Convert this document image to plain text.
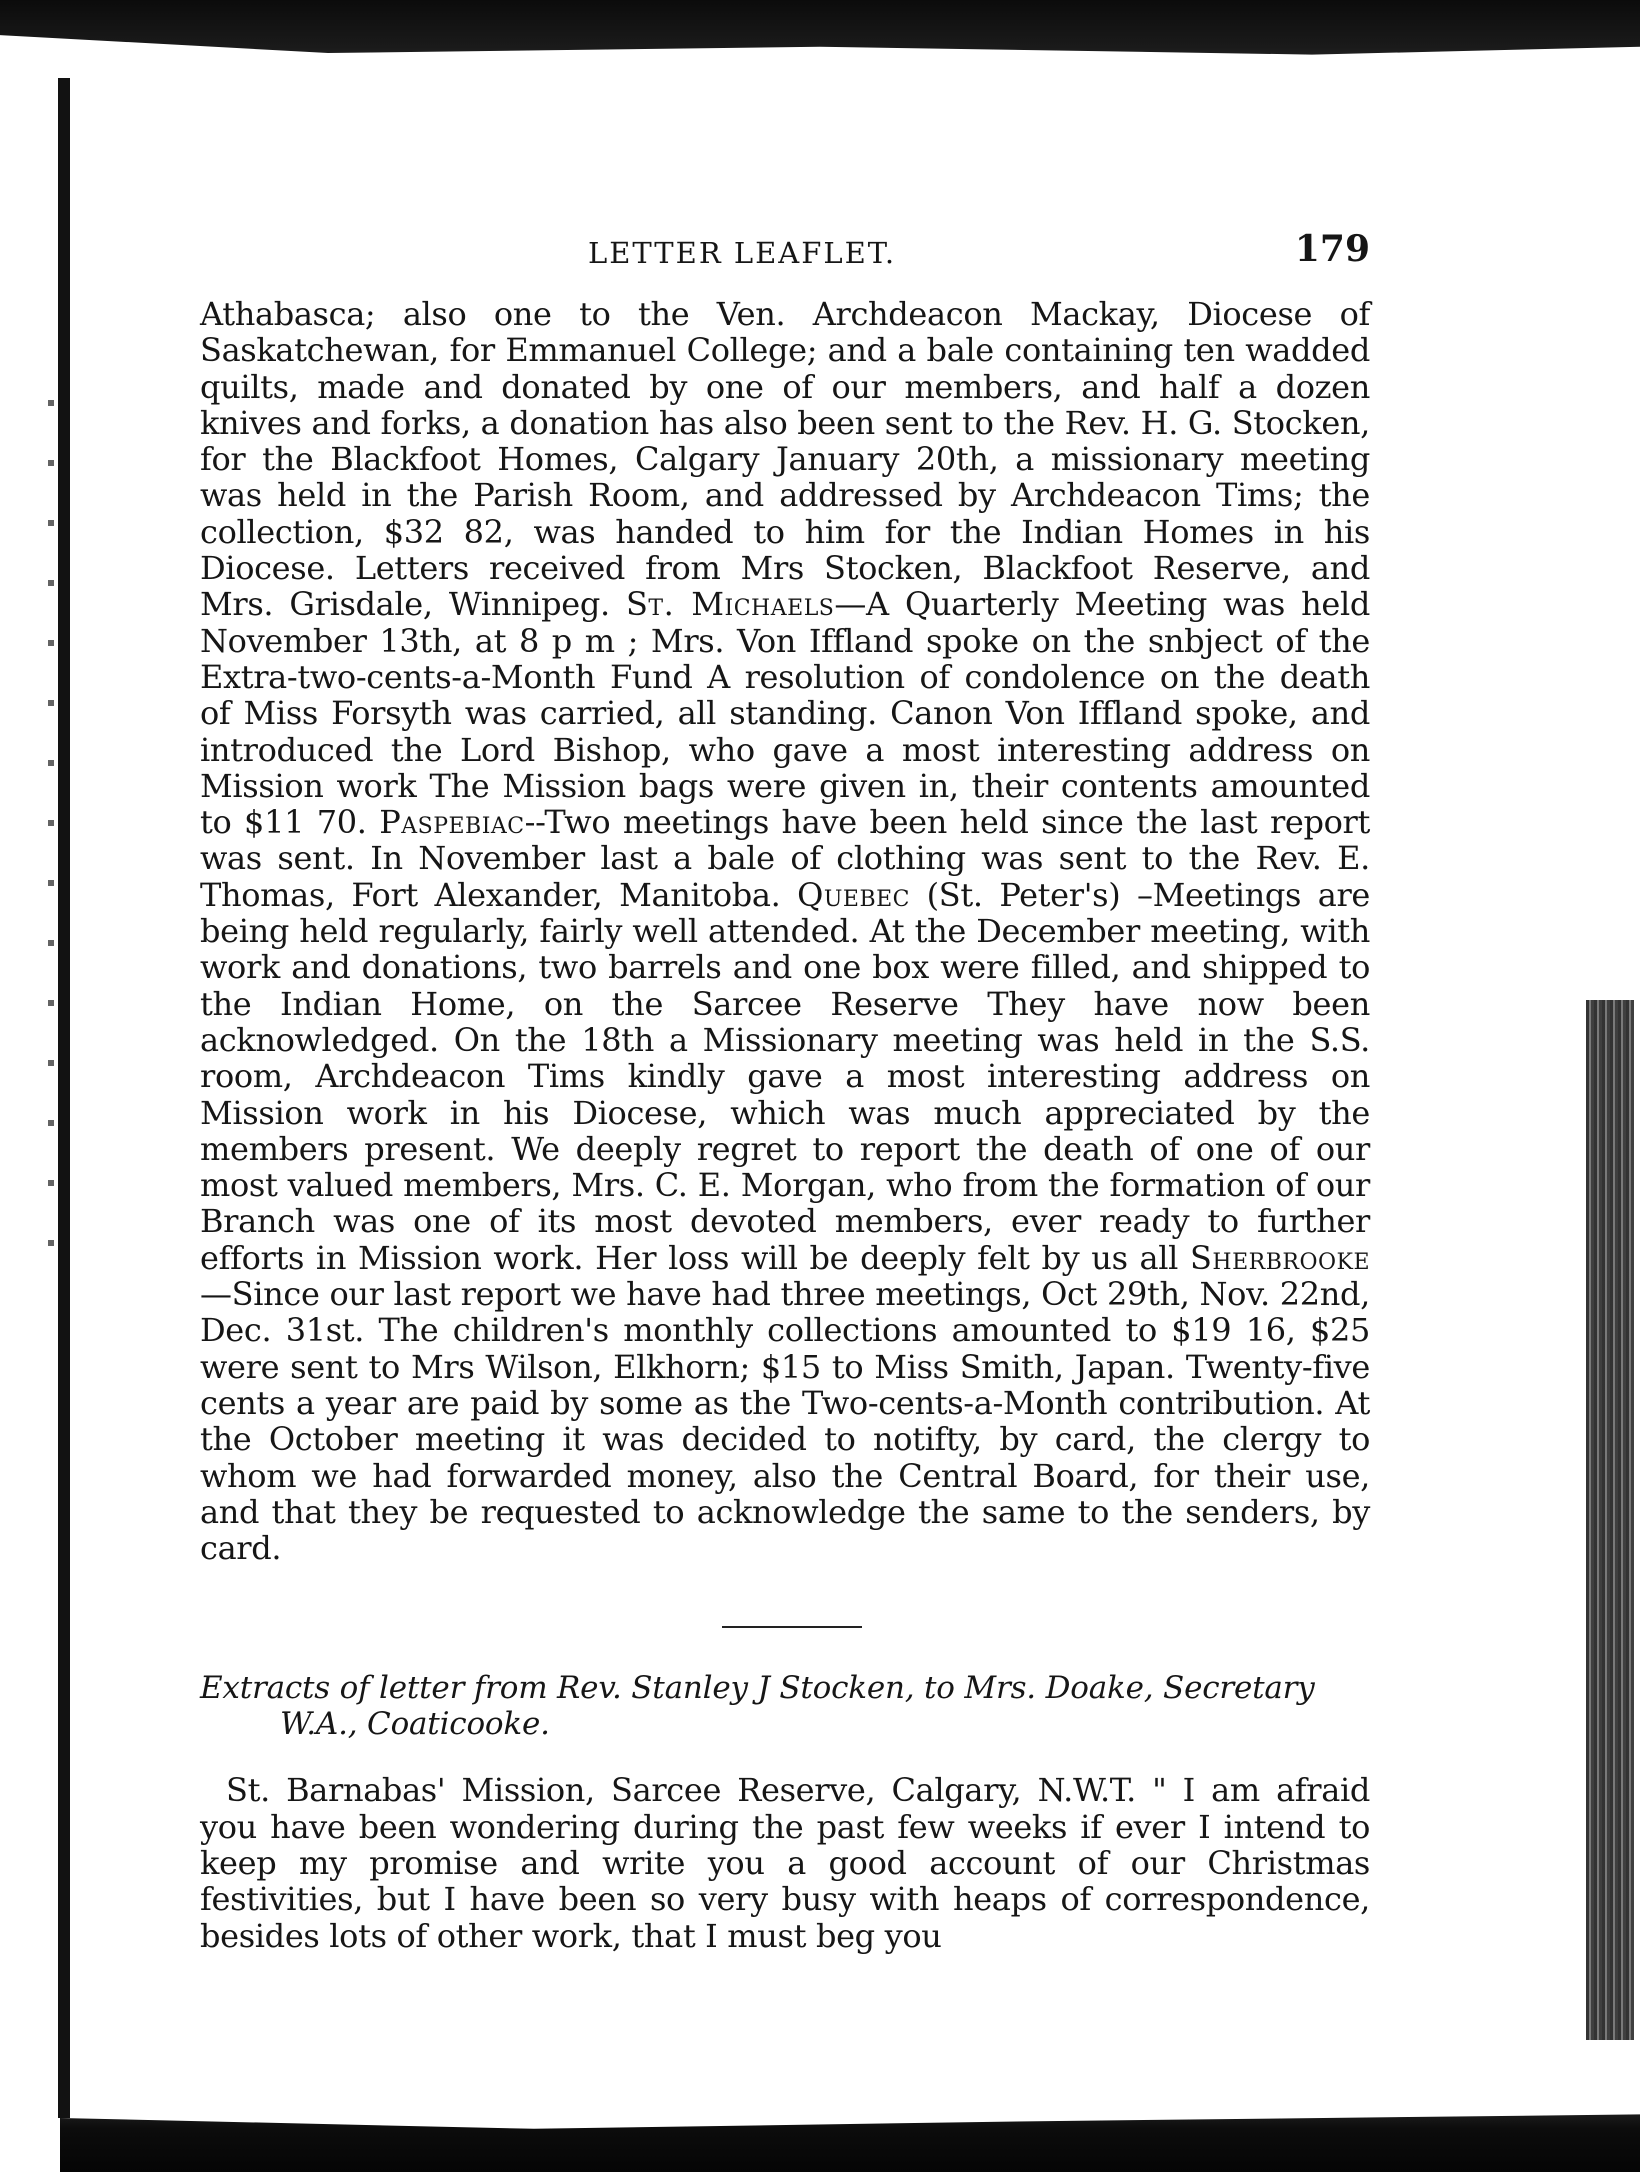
LETTER LEAFLET.	179

Athabasca; also one to the Ven. Archdeacon Mackay, Diocese of Saskatchewan, for Emmanuel College; and a bale containing ten wadded quilts, made and donated by one of our members, and half a dozen knives and forks, a donation has also been sent to the Rev. H. G. Stocken, for the Blackfoot Homes, Calgary January 20th, a missionary meeting was held in the Parish Room, and addressed by Archdeacon Tims; the collection, $32 82, was handed to him for the Indian Homes in his Diocese. Letters received from Mrs Stocken, Blackfoot Reserve, and Mrs. Grisdale, Winnipeg. St. Michaels—A Quarterly Meeting was held November 13th, at 8 p m ; Mrs. Von Iffland spoke on the snbject of the Extra-two-cents-a-Month Fund A resolution of condolence on the death of Miss Forsyth was carried, all standing. Canon Von Iffland spoke, and introduced the Lord Bishop, who gave a most interesting address on Mission work The Mission bags were given in, their contents amounted to $11 70. Paspebiac--Two meetings have been held since the last report was sent. In November last a bale of clothing was sent to the Rev. E. Thomas, Fort Alexander, Manitoba. Quebec (St. Peter's) –Meetings are being held regularly, fairly well attended. At the December meeting, with work and donations, two barrels and one box were filled, and shipped to the Indian Home, on the Sarcee Reserve They have now been acknowledged. On the 18th a Missionary meeting was held in the S.S. room, Archdeacon Tims kindly gave a most interesting address on Mission work in his Diocese, which was much appreciated by the members present. We deeply regret to report the death of one of our most valued members, Mrs. C. E. Morgan, who from the formation of our Branch was one of its most devoted members, ever ready to further efforts in Mission work. Her loss will be deeply felt by us all Sherbrooke—Since our last report we have had three meetings, Oct 29th, Nov. 22nd, Dec. 31st. The children's monthly collections amounted to $19 16, $25 were sent to Mrs Wilson, Elkhorn; $15 to Miss Smith, Japan. Twenty-five cents a year are paid by some as the Two-cents-a-Month contribution. At the October meeting it was decided to notifty, by card, the clergy to whom we had forwarded money, also the Central Board, for their use, and that they be requested to acknowledge the same to the senders, by card.

Extracts of letter from Rev. Stanley J Stocken, to Mrs. Doake, Secretary W.A., Coaticooke.

St. Barnabas' Mission, Sarcee Reserve, Calgary, N.W.T. " I am afraid you have been wondering during the past few weeks if ever I intend to keep my promise and write you a good account of our Christmas festivities, but I have been so very busy with heaps of correspondence, besides lots of other work, that I must beg you
